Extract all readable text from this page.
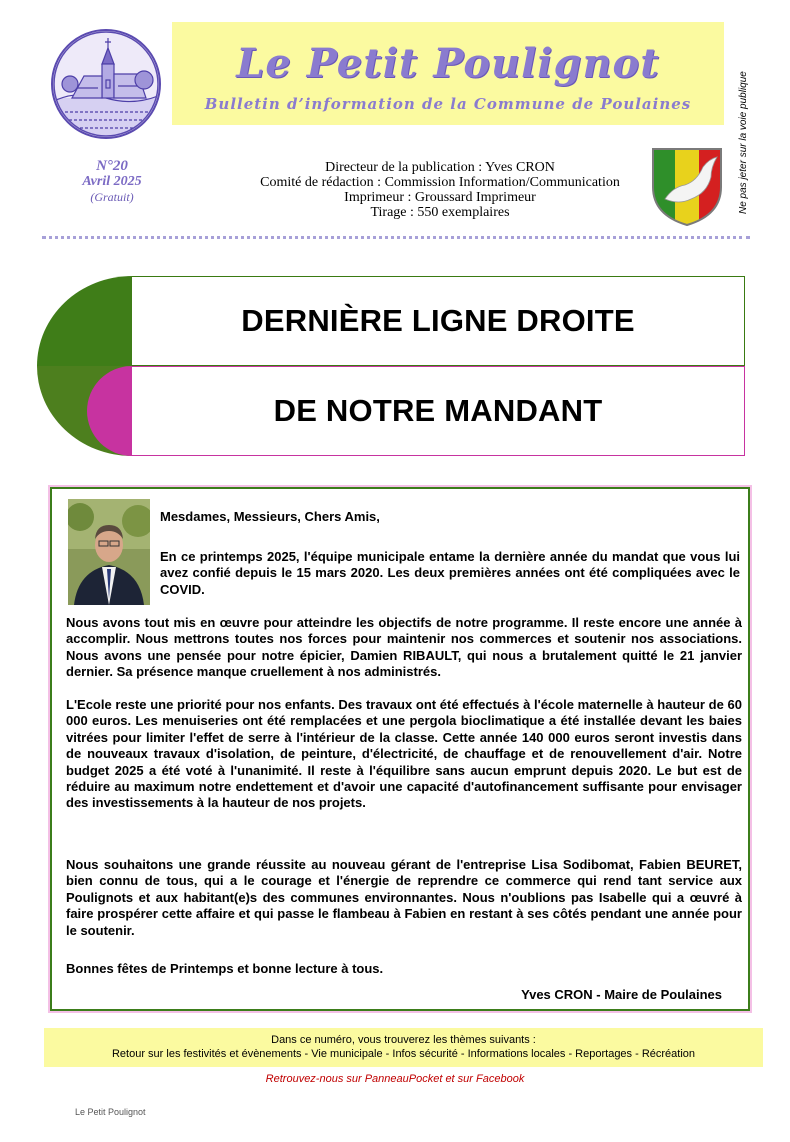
Le Petit Poulignot
Bulletin d’information de la Commune de Poulaines	Ne pas jeter sur la voie publique
N°20
Avril 2025
(Gratuit)
Directeur de la publication : Yves CRON
Comité de rédaction : Commission Information/Communication
Imprimeur : Groussard Imprimeur
Tirage : 550 exemplaires
DERNIÈRE LIGNE DROITE
DE NOTRE MANDANT

Mesdames, Messieurs, Chers Amis,

En ce printemps 2025, l'équipe municipale entame la dernière année du mandat que vous lui avez confié depuis le 15 mars 2020. Les deux premières années ont été compliquées avec le COVID.

Nous avons tout mis en œuvre pour atteindre les objectifs de notre programme. Il reste encore une année à accomplir. Nous mettrons toutes nos forces pour maintenir nos commerces et soutenir nos associations. Nous avons une pensée pour notre épicier, Damien RIBAULT, qui nous a brutalement quitté le 21 janvier dernier. Sa présence manque cruellement à nos administrés.

L'Ecole reste une priorité pour nos enfants. Des travaux ont été effectués à l'école maternelle à hauteur de 60 000 euros. Les menuiseries ont été remplacées et une pergola bioclimatique a été installée devant les baies vitrées pour limiter l'effet de serre à l'intérieur de la classe. Cette année 140 000 euros seront investis dans de nouveaux travaux d'isolation, de peinture, d'électricité, de chauffage et de renouvellement d'air. Notre budget 2025 a été voté à l'unanimité. Il reste à l'équilibre sans aucun emprunt depuis 2020. Le but est de réduire au maximum notre endettement et d'avoir une capacité d'autofinancement suffisante pour envisager des investissements à la hauteur de nos projets.

Nous souhaitons une grande réussite au nouveau gérant de l'entreprise Lisa Sodibomat, Fabien BEURET, bien connu de tous, qui a le courage et l'énergie de reprendre ce commerce qui rend tant service aux Poulignots et aux habitant(e)s des communes environnantes. Nous n'oublions pas Isabelle qui a œuvré à faire prospérer cette affaire et qui passe le flambeau à Fabien en restant à ses côtés pendant une année pour le soutenir.

Bonnes fêtes de Printemps et bonne lecture à tous.

Yves CRON - Maire de Poulaines
Dans ce numéro, vous trouverez les thèmes suivants :
Retour sur les festivités et évènements - Vie municipale - Infos sécurité - Informations locales - Reportages - Récréation
Retrouvez-nous sur PanneauPocket et sur Facebook
Le Petit Poulignot
